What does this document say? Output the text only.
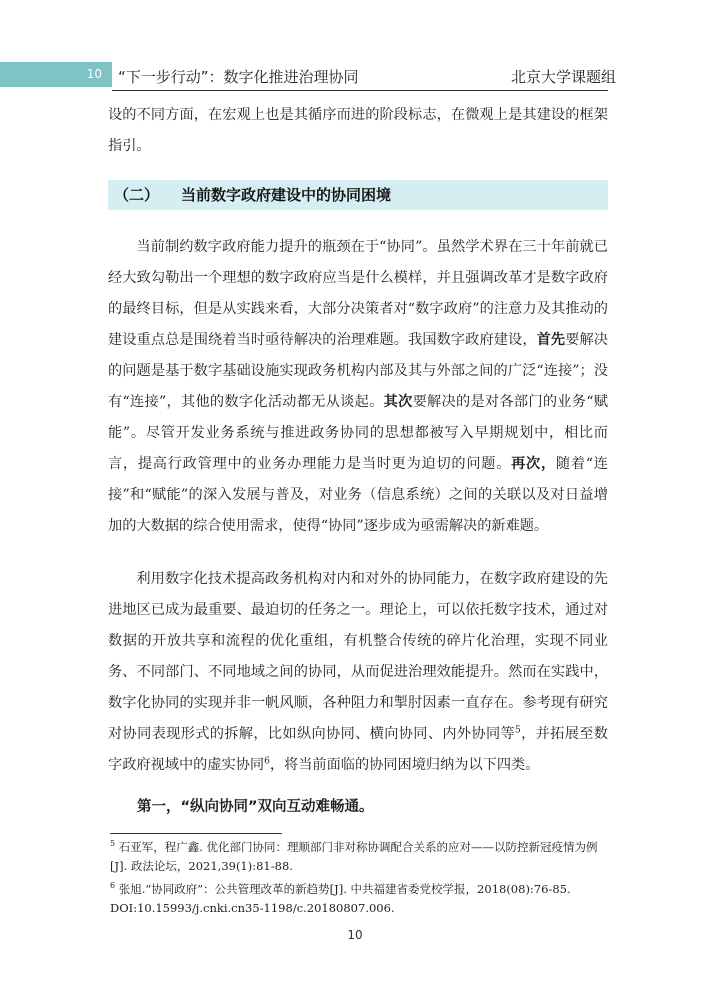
10	“下一步行动”：数字化推进治理协同	北京大学课题组

设的不同方面，在宏观上也是其循序而进的阶段标志，在微观上是其建设的框架指引。

（二） 当前数字政府建设中的协同困境

当前制约数字政府能力提升的瓶颈在于“协同”。虽然学术界在三十年前就已经大致勾勒出一个理想的数字政府应当是什么模样，并且强调改革才是数字政府的最终目标，但是从实践来看，大部分决策者对“数字政府”的注意力及其推动的建设重点总是围绕着当时亟待解决的治理难题。我国数字政府建设，首先要解决的问题是基于数字基础设施实现政务机构内部及其与外部之间的广泛“连接”；没有“连接”，其他的数字化活动都无从谈起。其次要解决的是对各部门的业务“赋能”。尽管开发业务系统与推进政务协同的思想都被写入早期规划中，相比而言，提高行政管理中的业务办理能力是当时更为迫切的问题。再次，随着“连接”和“赋能”的深入发展与普及，对业务（信息系统）之间的关联以及对日益增加的大数据的综合使用需求，使得“协同”逐步成为亟需解决的新难题。

利用数字化技术提高政务机构对内和对外的协同能力，在数字政府建设的先进地区已成为最重要、最迫切的任务之一。理论上，可以依托数字技术，通过对数据的开放共享和流程的优化重组，有机整合传统的碎片化治理，实现不同业务、不同部门、不同地域之间的协同，从而促进治理效能提升。然而在实践中，数字化协同的实现并非一帆风顺，各种阻力和掣肘因素一直存在。参考现有研究对协同表现形式的拆解，比如纵向协同、横向协同、内外协同等$^5$，并拓展至数字政府视域中的虚实协同$^6$，将当前面临的协同困境归纳为以下四类。

第一，“纵向协同”双向互动难畅通。

$^5$ 石亚军，程广鑫. 优化部门协同：理顺部门非对称协调配合关系的应对——以防控新冠疫情为例[J]. 政法论坛，2021,39(1):81-88.

$^6$ 张旭.“协同政府”：公共管理改革的新趋势[J]. 中共福建省委党校学报，2018(08):76-85. DOI:10.15993/j.cnki.cn35-1198/c.20180807.006.

10
